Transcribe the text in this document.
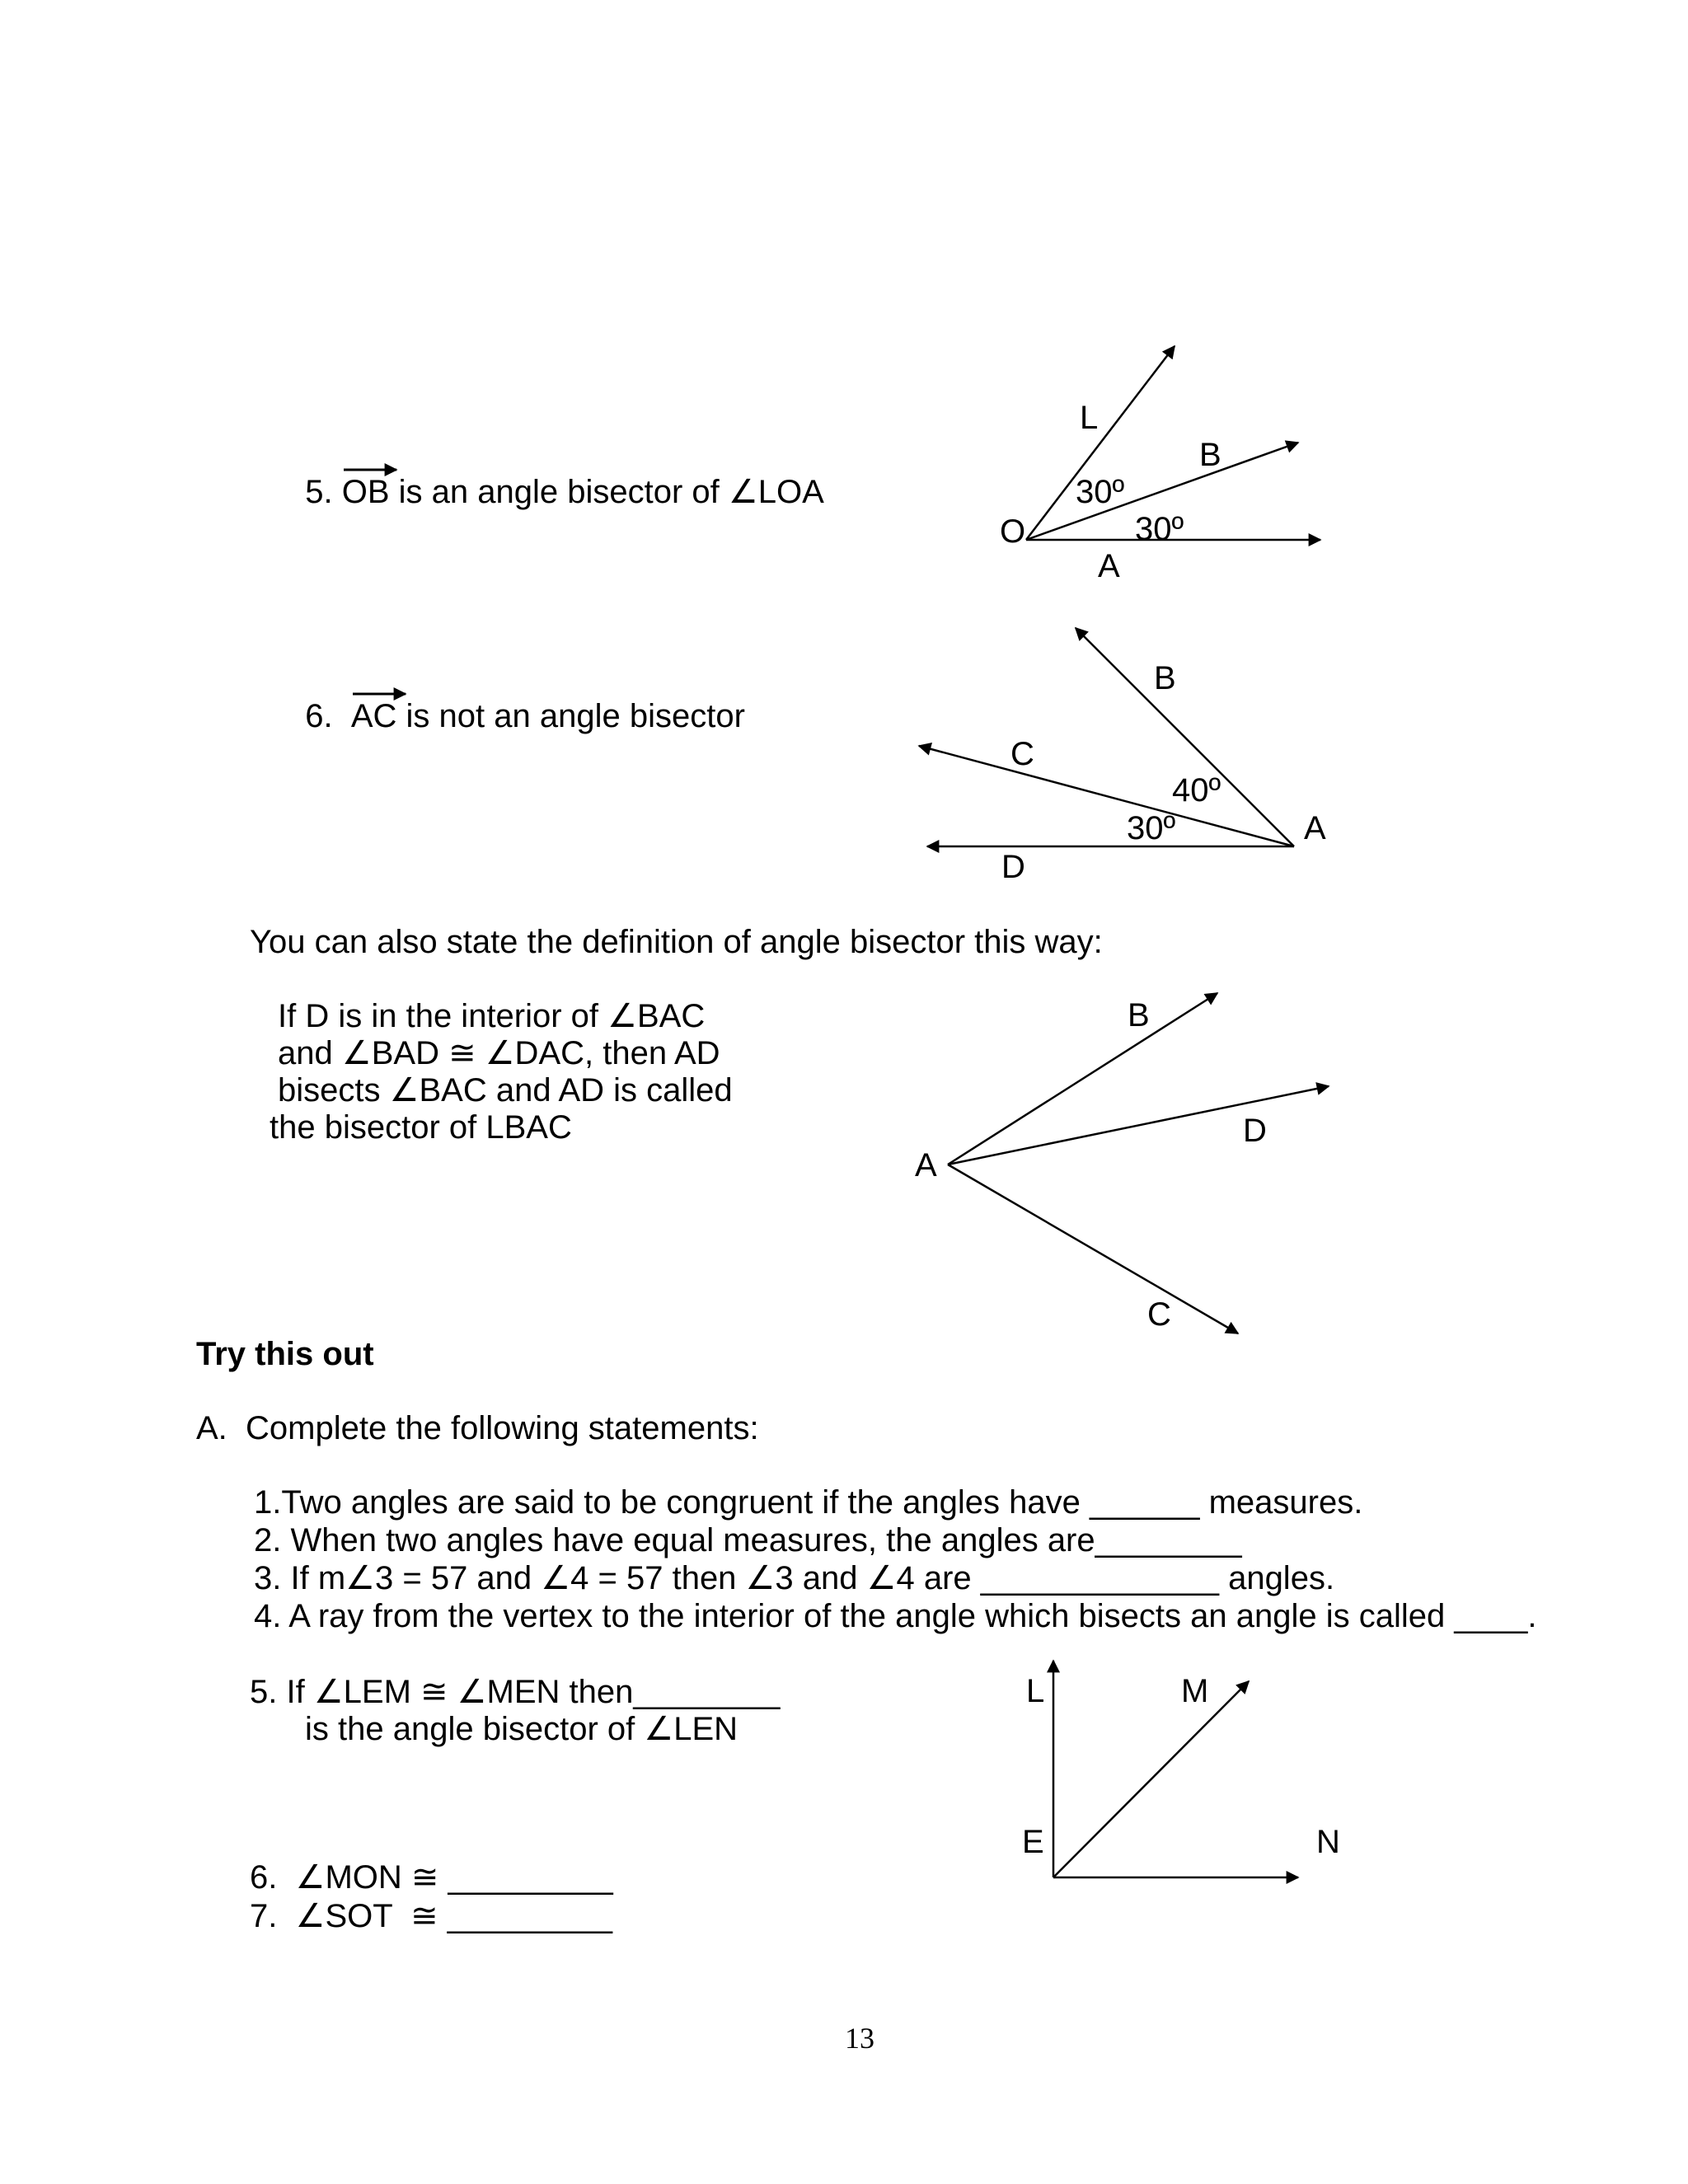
5.
OB is an angle bisector of ∠LOA

6.
AC is not an angle bisector

L
B
O
A
30º
30º
B
C
A
D
40º
30º
B
D
A
C
L	M
E	N
13
You can also state the definition of angle bisector this way:
If D is in the interior of ∠BAC
and ∠BAD ≅ ∠DAC, then AD
bisects ∠BAC and AD is called
the bisector of LBAC
Try this out
A.  Complete the following statements:
1.Two angles are said to be congruent if the angles have ______ measures.
2. When two angles have equal measures, the angles are________
3. If m∠3 = 57 and ∠4 = 57 then ∠3 and ∠4 are _____________ angles.
4. A ray from the vertex to the interior of the angle which bisects an angle is called ____.
5. If ∠LEM ≅ ∠MEN then________
is the angle bisector of ∠LEN
6.  ∠MON ≅ _________
7.  ∠SOT  ≅ _________
